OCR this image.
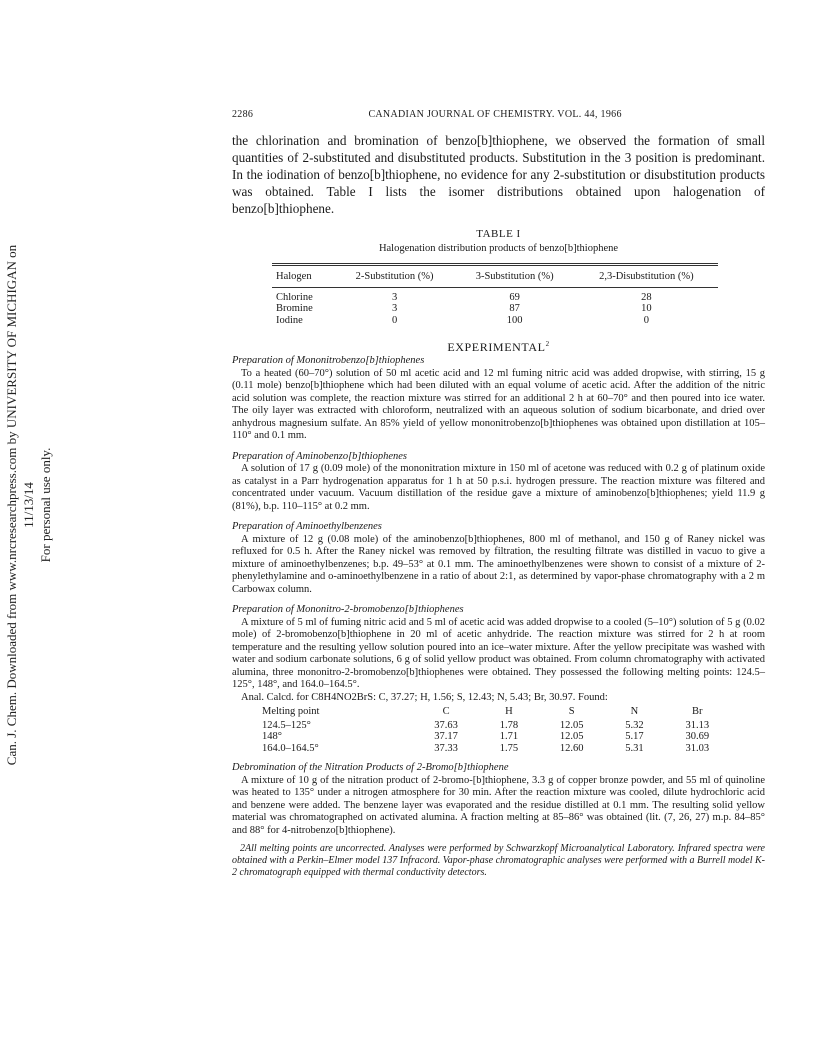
Can. J. Chem. Downloaded from www.nrcresearchpress.com by UNIVERSITY OF MICHIGAN on 11/13/14 For personal use only.
2286	CANADIAN JOURNAL OF CHEMISTRY. VOL. 44, 1966

the chlorination and bromination of benzo[b]thiophene, we observed the formation of small quantities of 2-substituted and disubstituted products. Substitution in the 3 position is predominant. In the iodination of benzo[b]thiophene, no evidence for any 2-substitution or disubstitution products was obtained. Table I lists the isomer distributions obtained upon halogenation of benzo[b]thiophene.

TABLE I
Halogenation distribution products of benzo[b]thiophene
Halogen	2-Substitution (%)	3-Substitution (%)	2,3-Disubstitution (%)
Chlorine	3	69	28
Bromine	3	87	10
Iodine	0	100	0
EXPERIMENTAL$^2$
Preparation of Mononitrobenzo[b]thiophenes

To a heated (60–70°) solution of 50 ml acetic acid and 12 ml fuming nitric acid was added dropwise, with stirring, 15 g (0.11 mole) benzo[b]thiophene which had been diluted with an equal volume of acetic acid. After the addition of the nitric acid solution was complete, the reaction mixture was stirred for an additional 2 h at 60–70° and then poured into ice water. The oily layer was extracted with chloroform, neutralized with an aqueous solution of sodium bicarbonate, and dried over anhydrous magnesium sulfate. An 85% yield of yellow mononitrobenzo[b]thiophenes was obtained upon distillation at 105–110° and 0.1 mm.

Preparation of Aminobenzo[b]thiophenes

A solution of 17 g (0.09 mole) of the mononitration mixture in 150 ml of acetone was reduced with 0.2 g of platinum oxide as catalyst in a Parr hydrogenation apparatus for 1 h at 50 p.s.i. hydrogen pressure. The reaction mixture was filtered and concentrated under vacuum. Vacuum distillation of the residue gave a mixture of aminobenzo[b]thiophenes; yield 11.9 g (81%), b.p. 110–115° at 0.2 mm.

Preparation of Aminoethylbenzenes

A mixture of 12 g (0.08 mole) of the aminobenzo[b]thiophenes, 800 ml of methanol, and 150 g of Raney nickel was refluxed for 0.5 h. After the Raney nickel was removed by filtration, the resulting filtrate was distilled in vacuo to give a mixture of aminoethylbenzenes; b.p. 49–53° at 0.1 mm. The aminoethylbenzenes were shown to consist of a mixture of 2-phenylethylamine and o-aminoethylbenzene in a ratio of about 2:1, as determined by vapor-phase chromatography with a 2 m Carbowax column.

Preparation of Mononitro-2-bromobenzo[b]thiophenes

A mixture of 5 ml of fuming nitric acid and 5 ml of acetic acid was added dropwise to a cooled (5–10°) solution of 5 g (0.02 mole) of 2-bromobenzo[b]thiophene in 20 ml of acetic anhydride. The reaction mixture was stirred for 2 h at room temperature and the resulting yellow solution poured into an ice–water mixture. After the yellow precipitate was washed with water and sodium carbonate solutions, 6 g of solid yellow product was obtained. From column chromatography with activated alumina, three mononitro-2-bromobenzo[b]thiophenes were obtained. They possessed the following melting points: 124.5–125°, 148°, and 164.0–164.5°.

Anal. Calcd. for C8H4NO2BrS: C, 37.27; H, 1.56; S, 12.43; N, 5.43; Br, 30.97. Found:

Melting point	C	H	S	N	Br
124.5–125°	37.63	1.78	12.05	5.32	31.13
148°	37.17	1.71	12.05	5.17	30.69
164.0–164.5°	37.33	1.75	12.60	5.31	31.03
Debromination of the Nitration Products of 2-Bromo[b]thiophene

A mixture of 10 g of the nitration product of 2-bromo-[b]thiophene, 3.3 g of copper bronze powder, and 55 ml of quinoline was heated to 135° under a nitrogen atmosphere for 30 min. After the reaction mixture was cooled, dilute hydrochloric acid and benzene were added. The benzene layer was evaporated and the residue distilled at 0.1 mm. The resulting solid yellow material was chromatographed on activated alumina. A fraction melting at 85–86° was obtained (lit. (7, 26, 27) m.p. 84–85° and 88° for 4-nitrobenzo[b]thiophene).

2All melting points are uncorrected. Analyses were performed by Schwarzkopf Microanalytical Laboratory. Infrared spectra were obtained with a Perkin–Elmer model 137 Infracord. Vapor-phase chromatographic analyses were performed with a Burrell model K-2 chromatograph equipped with thermal conductivity detectors.
